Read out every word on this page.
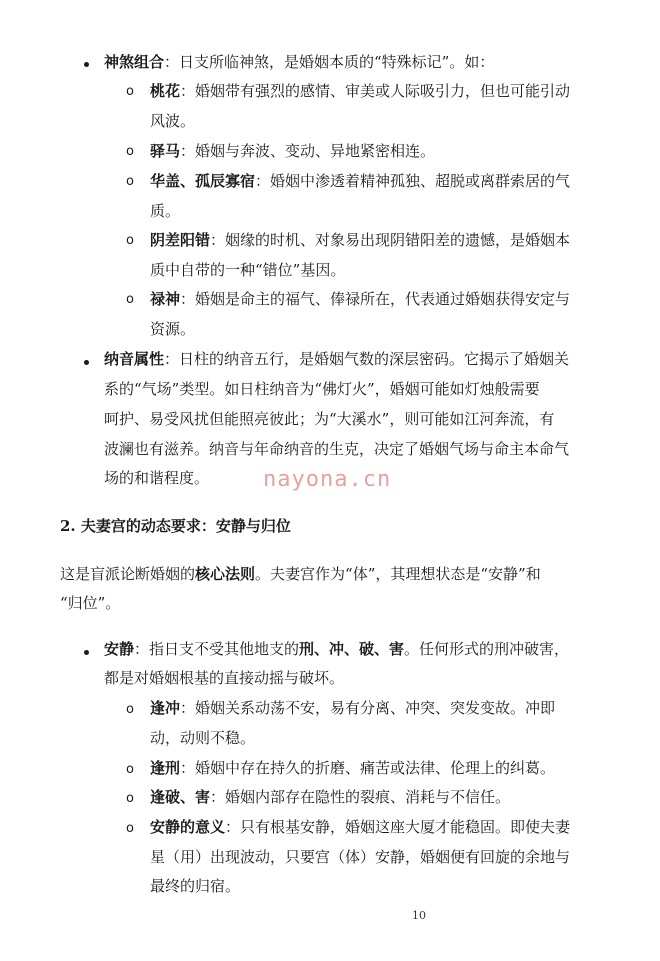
神煞组合：日支所临神煞，是婚姻本质的“特殊标记”。如：
o 桃花：婚姻带有强烈的感情、审美或人际吸引力，但也可能引动
风波。
o 驿马：婚姻与奔波、变动、异地紧密相连。
o 华盖、孤辰寡宿：婚姻中渗透着精神孤独、超脱或离群索居的气
质。
o 阴差阳错：姻缘的时机、对象易出现阴错阳差的遗憾，是婚姻本
质中自带的一种“错位”基因。
o 禄神：婚姻是命主的福气、俸禄所在，代表通过婚姻获得安定与
资源。
纳音属性：日柱的纳音五行，是婚姻气数的深层密码。它揭示了婚姻关
系的“气场”类型。如日柱纳音为“佛灯火”，婚姻可能如灯烛般需要
呵护、易受风扰但能照亮彼此；为“大溪水”，则可能如江河奔流，有
波澜也有滋养。纳音与年命纳音的生克，决定了婚姻气场与命主本命气
场的和谐程度。 nayona.cn
2. 夫妻宫的动态要求：安静与归位
这是盲派论断婚姻的核心法则。夫妻宫作为“体”，其理想状态是“安静”和
“归位”。
安静：指日支不受其他地支的刑、冲、破、害。任何形式的刑冲破害，
都是对婚姻根基的直接动摇与破坏。
o 逢冲：婚姻关系动荡不安，易有分离、冲突、突发变故。冲即
动，动则不稳。
o 逢刑：婚姻中存在持久的折磨、痛苦或法律、伦理上的纠葛。
o 逢破、害：婚姻内部存在隐性的裂痕、消耗与不信任。
o 安静的意义：只有根基安静，婚姻这座大厦才能稳固。即使夫妻
星（用）出现波动，只要宫（体）安静，婚姻便有回旋的余地与
最终的归宿。
10
